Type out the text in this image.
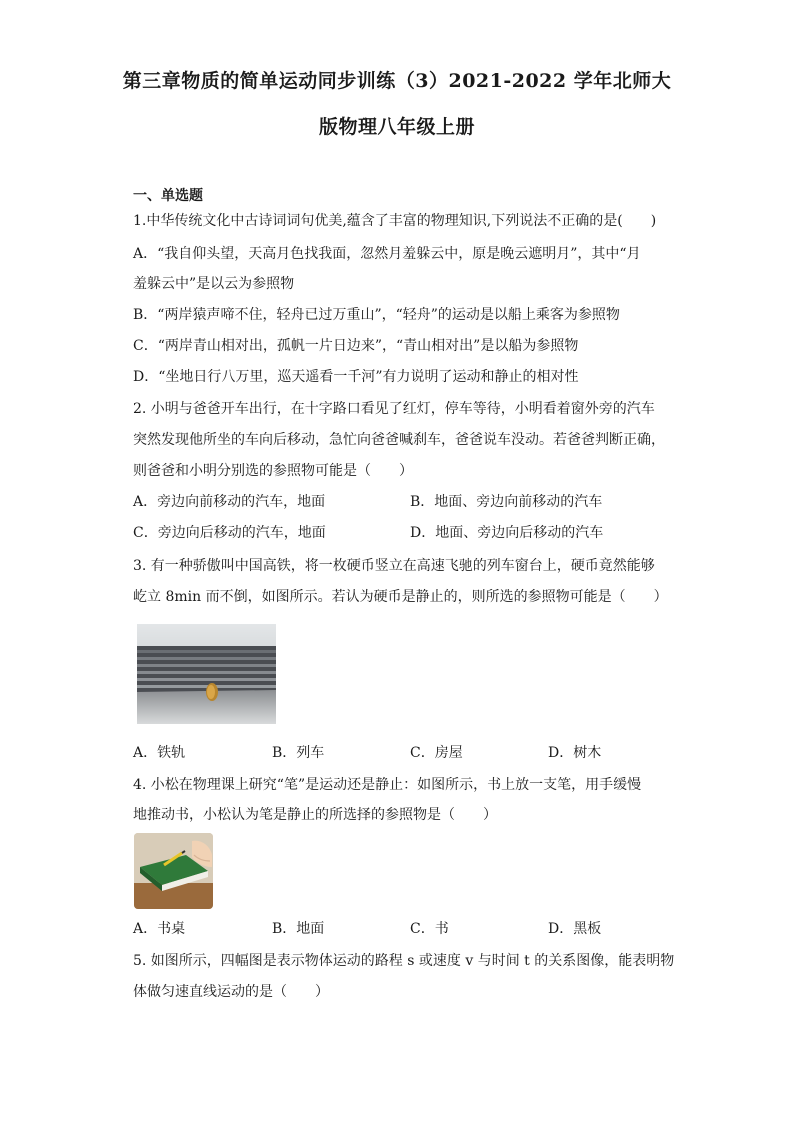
第三章物质的简单运动同步训练（3）2021-2022 学年北师大
版物理八年级上册
一、单选题
1.中华传统文化中古诗词词句优美,蕴含了丰富的物理知识,下列说法不正确的是(　　)
A．“我自仰头望，天高月色找我面，忽然月羞躲云中，原是晚云遮明月”，其中“月
羞躲云中”是以云为参照物
B．“两岸猿声啼不住，轻舟已过万重山”，“轻舟”的运动是以船上乘客为参照物
C．“两岸青山相对出，孤帆一片日边来”，“青山相对出”是以船为参照物
D．“坐地日行八万里，巡天遥看一千河”有力说明了运动和静止的相对性
2. 小明与爸爸开车出行，在十字路口看见了红灯，停车等待，小明看着窗外旁的汽车
突然发现他所坐的车向后移动，急忙向爸爸喊刹车，爸爸说车没动。若爸爸判断正确，
则爸爸和小明分别选的参照物可能是（　　）
A．旁边向前移动的汽车，地面	B．地面、旁边向前移动的汽车
C．旁边向后移动的汽车，地面	D．地面、旁边向后移动的汽车
3. 有一种骄傲叫中国高铁，将一枚硬币竖立在高速飞驰的列车窗台上，硬币竟然能够
屹立 8min 而不倒，如图所示。若认为硬币是静止的，则所选的参照物可能是（　　）
A．铁轨	B．列车	C．房屋	D．树木
4. 小松在物理课上研究“笔”是运动还是静止：如图所示，书上放一支笔，用手缓慢
地推动书，小松认为笔是静止的所选择的参照物是（　　）
A．书桌	B．地面	C．书	D．黑板
5. 如图所示，四幅图是表示物体运动的路程 s 或速度 v 与时间 t 的关系图像，能表明物
体做匀速直线运动的是（　　）
